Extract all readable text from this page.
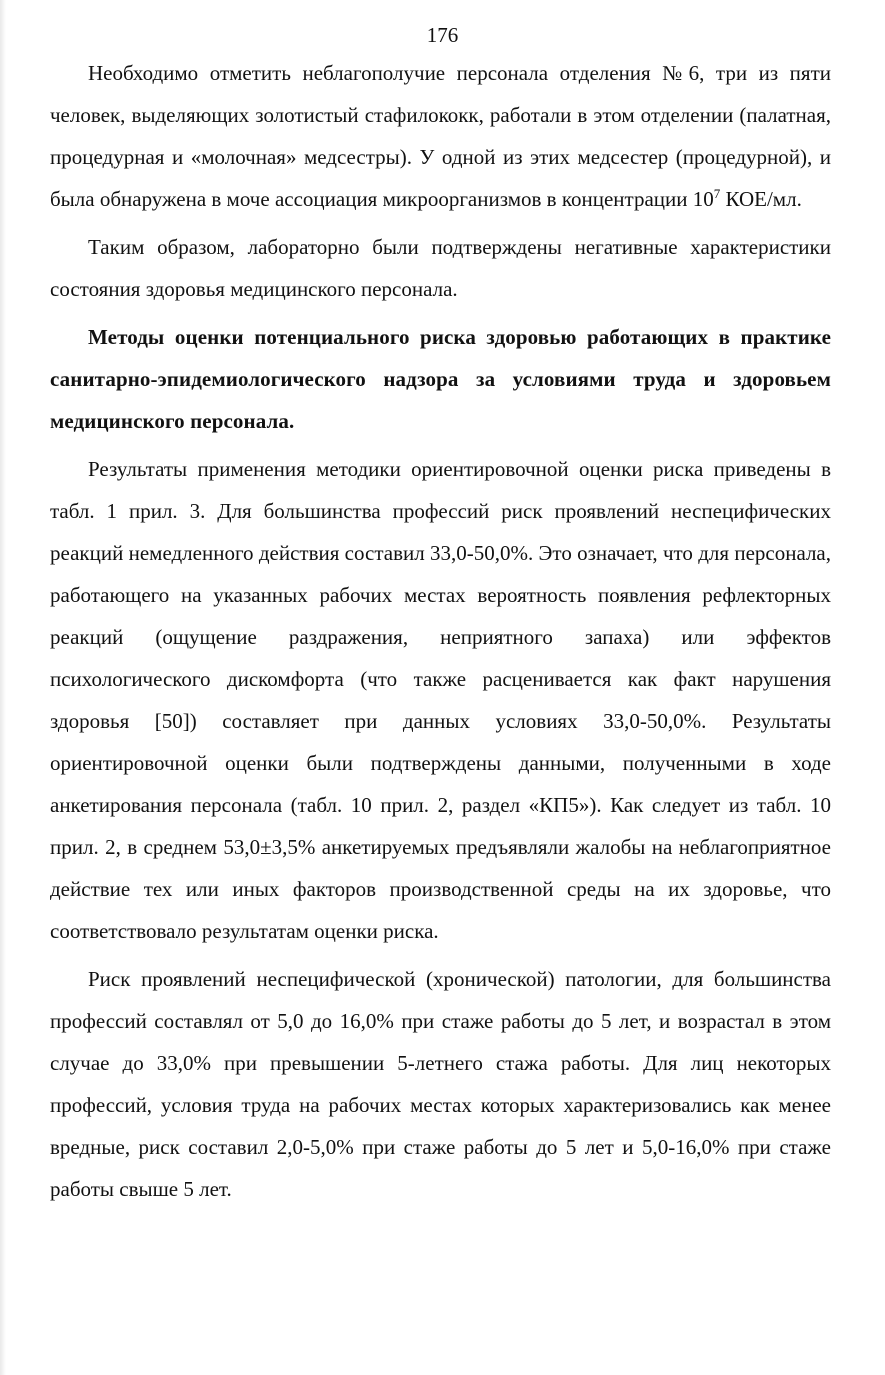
176

Необходимо отметить неблагополучие персонала отделения №6, три из пяти человек, выделяющих золотистый стафилококк, работали в этом отделении (палатная, процедурная и «молочная» медсестры). У одной из этих медсестер (процедурной), и была обнаружена в моче ассоциация микроорганизмов в концентрации $10^7$ КОЕ/мл.

Таким образом, лабораторно были подтверждены негативные характеристики состояния здоровья медицинского персонала.

Методы оценки потенциального риска здоровью работающих в практике санитарно-эпидемиологического надзора за условиями труда и здоровьем медицинского персонала.

Результаты применения методики ориентировочной оценки риска приведены в табл. 1 прил. 3. Для большинства профессий риск проявлений неспецифических реакций немедленного действия составил 33,0-50,0%. Это означает, что для персонала, работающего на указанных рабочих местах вероятность появления рефлекторных реакций (ощущение раздражения, неприятного запаха) или эффектов психологического дискомфорта (что также расценивается как факт нарушения здоровья [50]) составляет при данных условиях 33,0-50,0%. Результаты ориентировочной оценки были подтверждены данными, полученными в ходе анкетирования персонала (табл. 10 прил. 2, раздел «КП5»). Как следует из табл. 10 прил. 2, в среднем 53,0±3,5% анкетируемых предъявляли жалобы на неблагоприятное действие тех или иных факторов производственной среды на их здоровье, что соответствовало результатам оценки риска.

Риск проявлений неспецифической (хронической) патологии, для большинства профессий составлял от 5,0 до 16,0% при стаже работы до 5 лет, и возрастал в этом случае до 33,0% при превышении 5-летнего стажа работы. Для лиц некоторых профессий, условия труда на рабочих местах которых характеризовались как менее вредные, риск составил 2,0-5,0% при стаже работы до 5 лет и 5,0-16,0% при стаже работы свыше 5 лет.
